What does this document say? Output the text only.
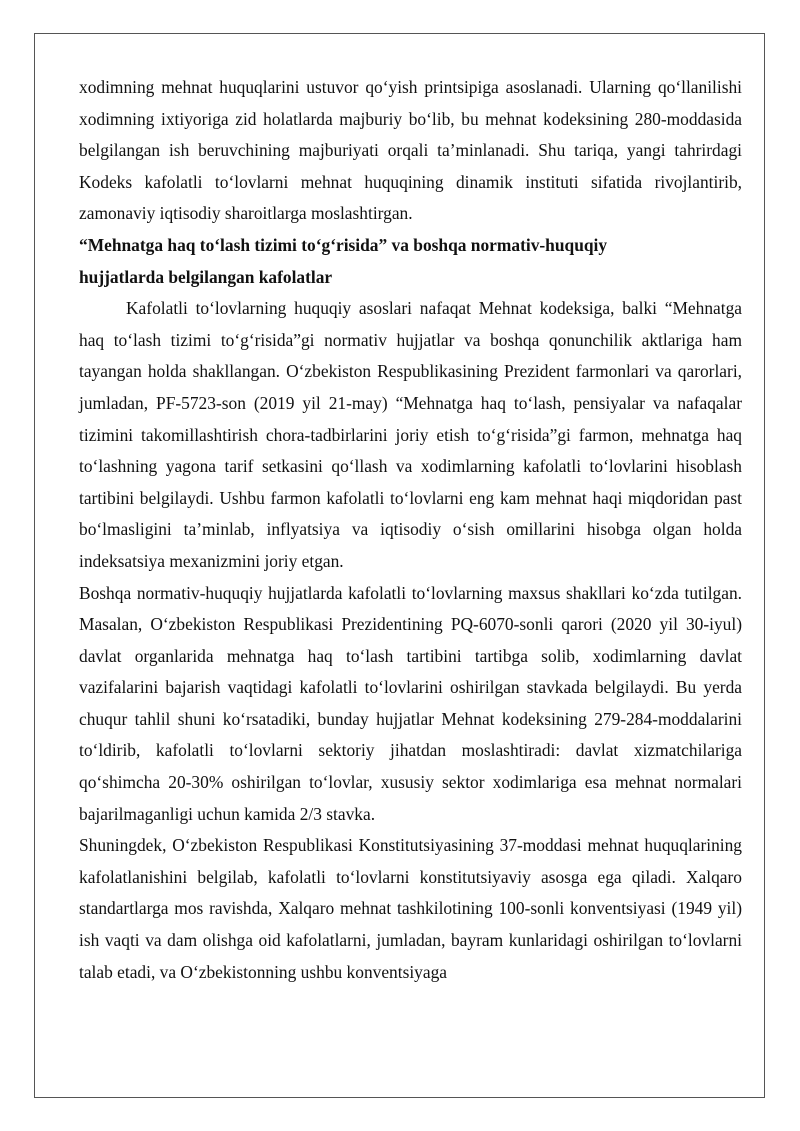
xodimning mehnat huquqlarini ustuvor qo‘yish printsipiga asoslanadi. Ularning qo‘llanilishi xodimning ixtiyoriga zid holatlarda majburiy bo‘lib, bu mehnat kodeksining 280-moddasida belgilangan ish beruvchining majburiyati orqali ta’minlanadi. Shu tariqa, yangi tahrirdagi Kodeks kafolatli to‘lovlarni mehnat huquqining dinamik instituti sifatida rivojlantirib, zamonaviy iqtisodiy sharoitlarga moslashtirgan.

“Mehnatga haq to‘lash tizimi to‘g‘risida” va boshqa normativ-huquqiy

hujjatlarda belgilangan kafolatlar

Kafolatli to‘lovlarning huquqiy asoslari nafaqat Mehnat kodeksiga, balki “Mehnatga haq to‘lash tizimi to‘g‘risida”gi normativ hujjatlar va boshqa qonunchilik aktlariga ham tayangan holda shakllangan. O‘zbekiston Respublikasining Prezident farmonlari va qarorlari, jumladan, PF-5723-son (2019 yil 21-may) “Mehnatga haq to‘lash, pensiyalar va nafaqalar tizimini takomillashtirish chora-tadbirlarini joriy etish to‘g‘risida”gi farmon, mehnatga haq to‘lashning yagona tarif setkasini qo‘llash va xodimlarning kafolatli to‘lovlarini hisoblash tartibini belgilaydi. Ushbu farmon kafolatli to‘lovlarni eng kam mehnat haqi miqdoridan past bo‘lmasligini ta’minlab, inflyatsiya va iqtisodiy o‘sish omillarini hisobga olgan holda indeksatsiya mexanizmini joriy etgan.

Boshqa normativ-huquqiy hujjatlarda kafolatli to‘lovlarning maxsus shakllari ko‘zda tutilgan. Masalan, O‘zbekiston Respublikasi Prezidentining PQ-6070-sonli qarori (2020 yil 30-iyul) davlat organlarida mehnatga haq to‘lash tartibini tartibga solib, xodimlarning davlat vazifalarini bajarish vaqtidagi kafolatli to‘lovlarini oshirilgan stavkada belgilaydi. Bu yerda chuqur tahlil shuni ko‘rsatadiki, bunday hujjatlar Mehnat kodeksining 279-284-moddalarini to‘ldirib, kafolatli to‘lovlarni sektoriy jihatdan moslashtiradi: davlat xizmatchilariga qo‘shimcha 20-30% oshirilgan to‘lovlar, xususiy sektor xodimlariga esa mehnat normalari bajarilmaganligi uchun kamida 2/3 stavka.

Shuningdek, O‘zbekiston Respublikasi Konstitutsiyasining 37-moddasi mehnat huquqlarining kafolatlanishini belgilab, kafolatli to‘lovlarni konstitutsiyaviy asosga ega qiladi. Xalqaro standartlarga mos ravishda, Xalqaro mehnat tashkilotining 100-sonli konventsiyasi (1949 yil) ish vaqti va dam olishga oid kafolatlarni, jumladan, bayram kunlaridagi oshirilgan to‘lovlarni talab etadi, va O‘zbekistonning ushbu konventsiyaga
